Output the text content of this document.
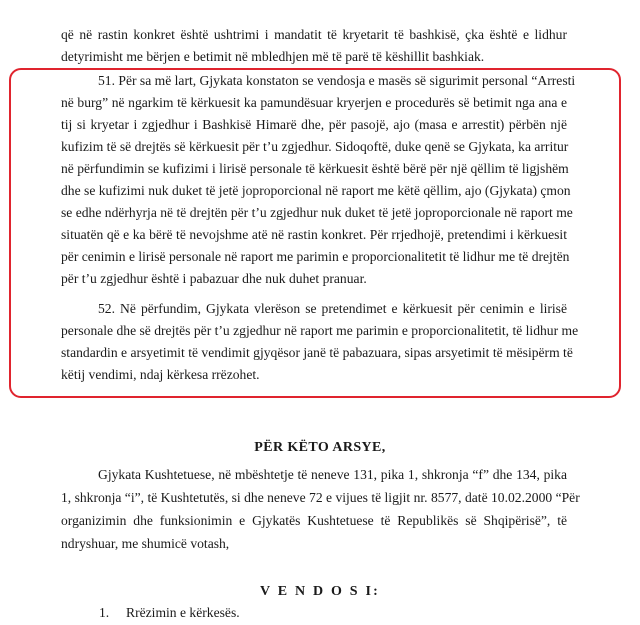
që në rastin konkret është ushtrimi i mandatit të kryetarit të bashkisë, çka është e lidhur
detyrimisht me bërjen e betimit në mbledhjen më të parë të këshillit bashkiak.
51. Për sa më lart, Gjykata konstaton se vendosja e masës së sigurimit personal “Arresti
në burg” në ngarkim të kërkuesit ka pamundësuar kryerjen e procedurës së betimit nga ana e
tij si kryetar i zgjedhur i Bashkisë Himarë dhe, për pasojë, ajo (masa e arrestit) përbën një
kufizim të së drejtës së kërkuesit për t’u zgjedhur. Sidoqoftë, duke qenë se Gjykata, ka arritur
në përfundimin se kufizimi i lirisë personale të kërkuesit është bërë për një qëllim të ligjshëm
dhe se kufizimi nuk duket të jetë joproporcional në raport me këtë qëllim, ajo (Gjykata) çmon
se edhe ndërhyrja në të drejtën për t’u zgjedhur nuk duket të jetë joproporcionale në raport me
situatën që e ka bërë të nevojshme atë në rastin konkret. Për rrjedhojë, pretendimi i kërkuesit
për cenimin e lirisë personale në raport me parimin e proporcionalitetit të lidhur me të drejtën
për t’u zgjedhur është i pabazuar dhe nuk duhet pranuar.
52. Në përfundim, Gjykata vlerëson se pretendimet e kërkuesit për cenimin e lirisë
personale dhe së drejtës për t’u zgjedhur në raport me parimin e proporcionalitetit, të lidhur me
standardin e arsyetimit të vendimit gjyqësor janë të pabazuara, sipas arsyetimit të mësipërm të
këtij vendimi, ndaj kërkesa rrëzohet.
PËR KËTO ARSYE,
Gjykata Kushtetuese, në mbështetje të neneve 131, pika 1, shkronja “f” dhe 134, pika
1, shkronja “i”, të Kushtetutës, si dhe neneve 72 e vijues të ligjit nr. 8577, datë 10.02.2000 “Për
organizimin dhe funksionimin e Gjykatës Kushtetuese të Republikës së Shqipërisë”, të
ndryshuar, me shumicë votash,
V E N D O S I:
1. Rrëzimin e kërkesës.
